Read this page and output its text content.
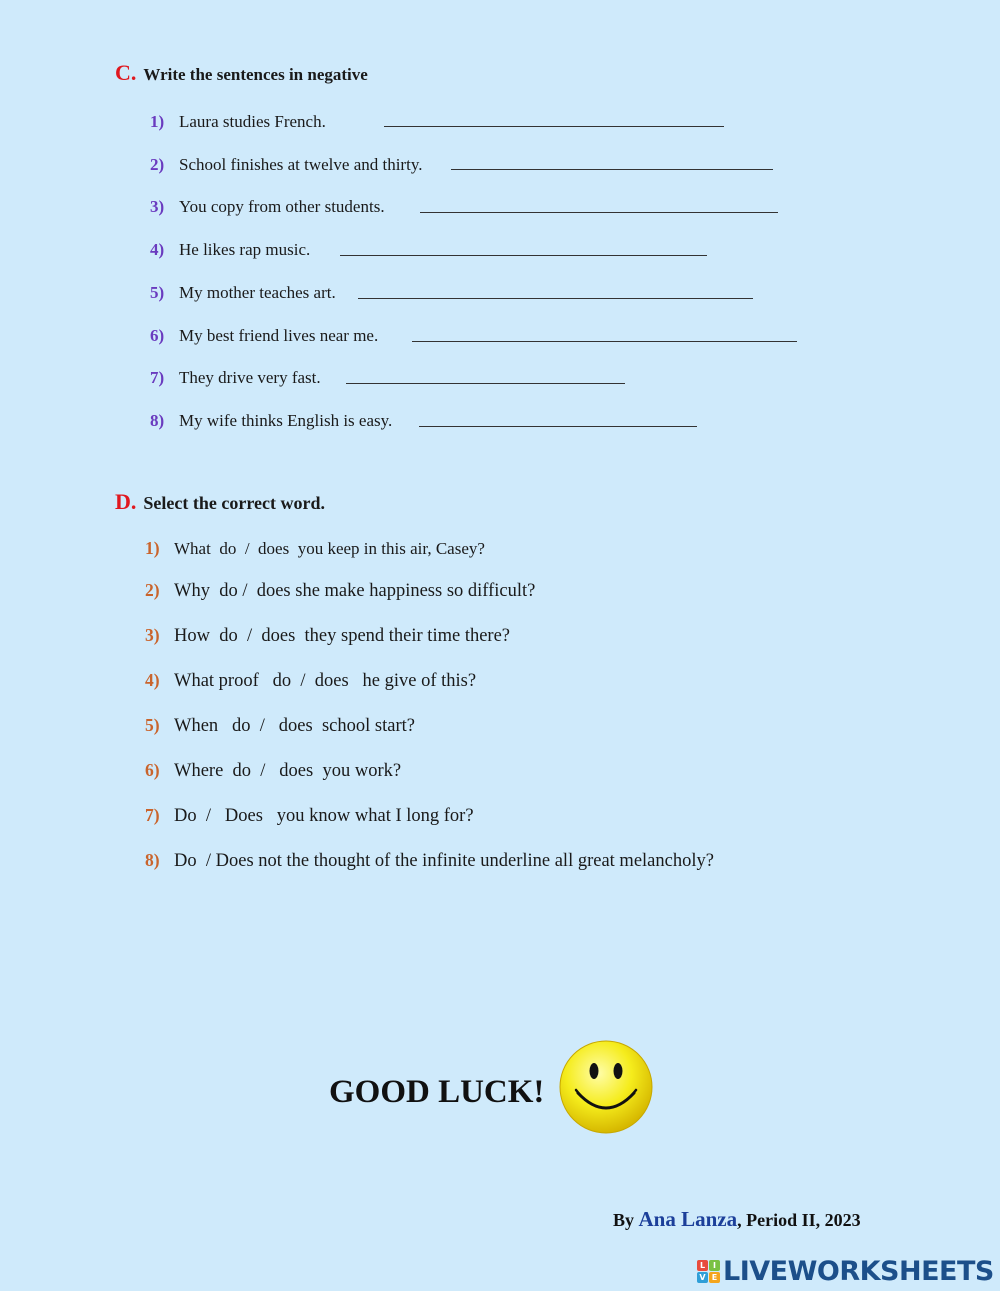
C. Write the sentences in negative
1) Laura studies French.
2) School finishes at twelve and thirty.
3) You copy from other students.
4) He likes rap music.
5) My mother teaches art.
6) My best friend lives near me.
7) They drive very fast.
8) My wife thinks English is easy.
D. Select the correct word.
1) What  do  /  does  you keep in this air, Casey?
2) Why  do /  does she make happiness so difficult?
3) How  do  /  does  they spend their time there?
4) What proof   do  /  does   he give of this?
5) When   do  /   does  school start?
6) Where  do  /   does  you work?
7) Do  /   Does   you know what I long for?
8) Do  / Does not the thought of the infinite underline all great melancholy?
GOOD LUCK!
By Ana Lanza, Period II, 2023
L I
V E LIVEWORKSHEETS
